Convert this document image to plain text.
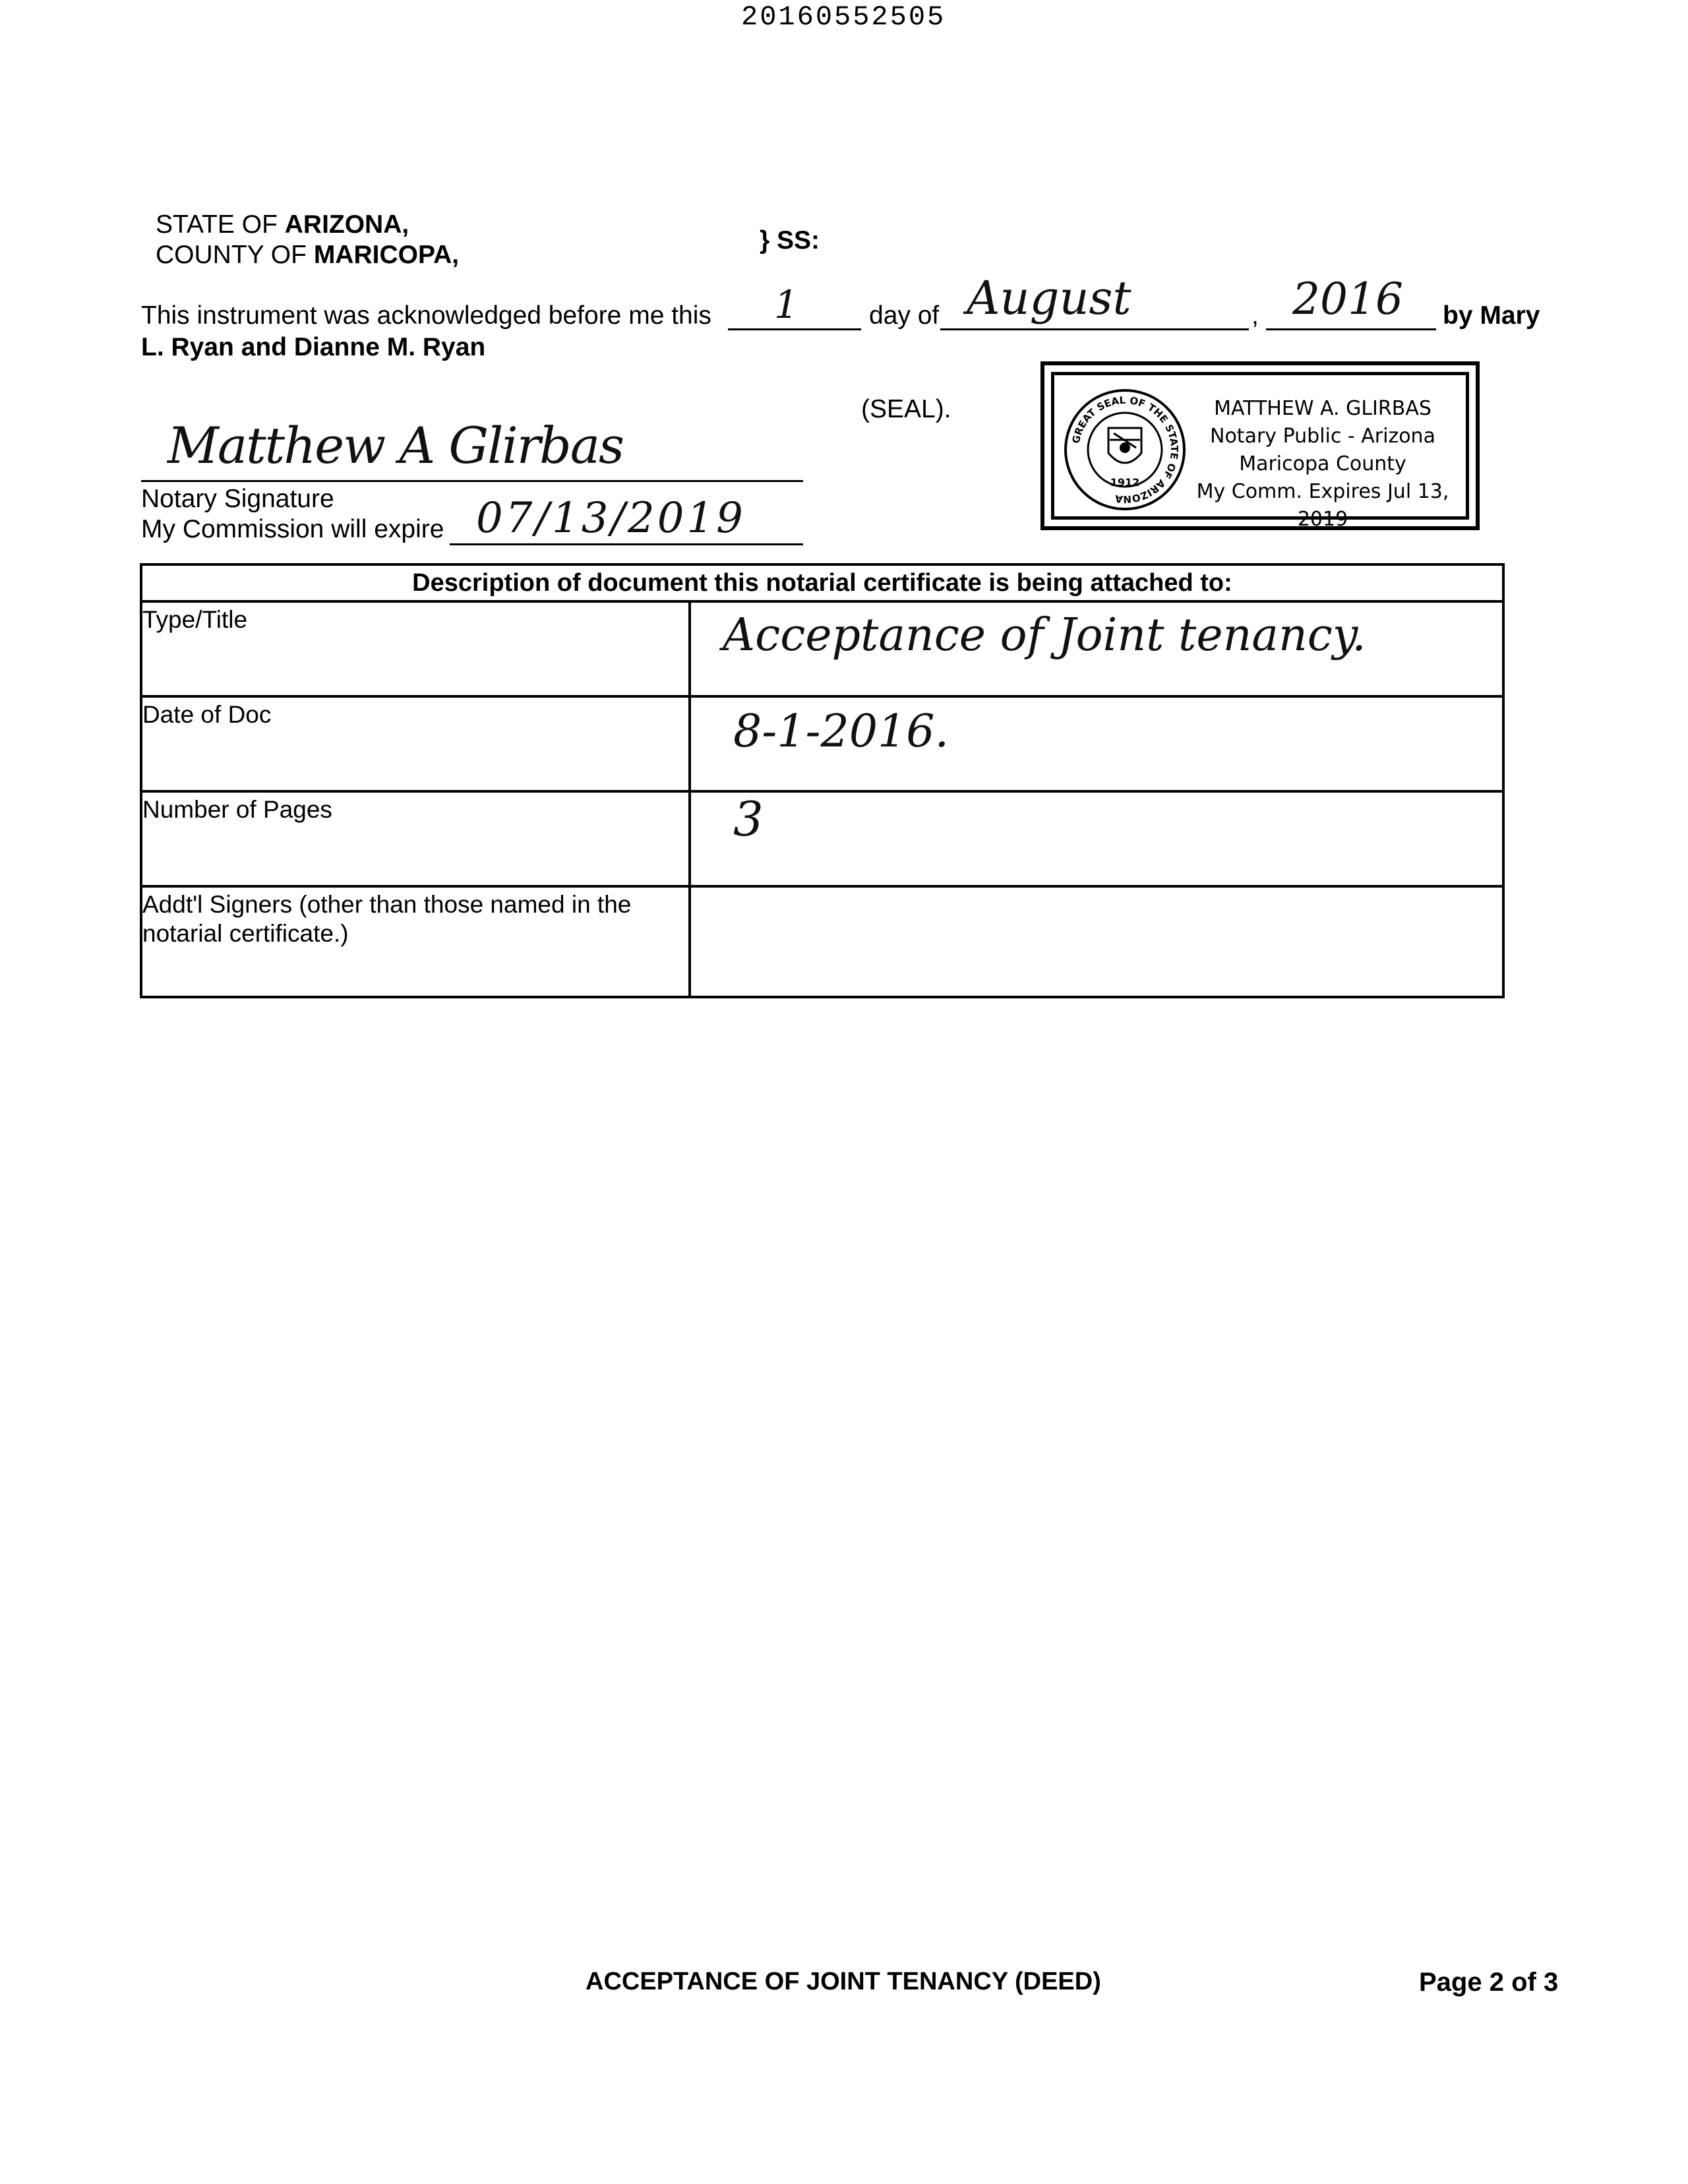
20160552505
STATE OF ARIZONA,
COUNTY OF MARICOPA,
} SS:
This instrument was acknowledged before me this 1	day of August	, 2016 by Mary
L. Ryan and Dianne M. Ryan
(SEAL).
Matthew A Glirbas
Notary Signature
My Commission will expire 07/13/2019
GREAT SEAL OF THE STATE OF ARIZONA
1912
MATTHEW A. GLIRBAS
Notary Public - Arizona
Maricopa County
My Comm. Expires Jul 13, 2019
Description of document this notarial certificate is being attached to:
Type/Title	Acceptance of Joint tenancy.
Date of Doc	8-1-2016.
Number of Pages	3
Addt'l Signers (other than those named in the notarial certificate.)
ACCEPTANCE OF JOINT TENANCY (DEED)	Page 2 of 3
